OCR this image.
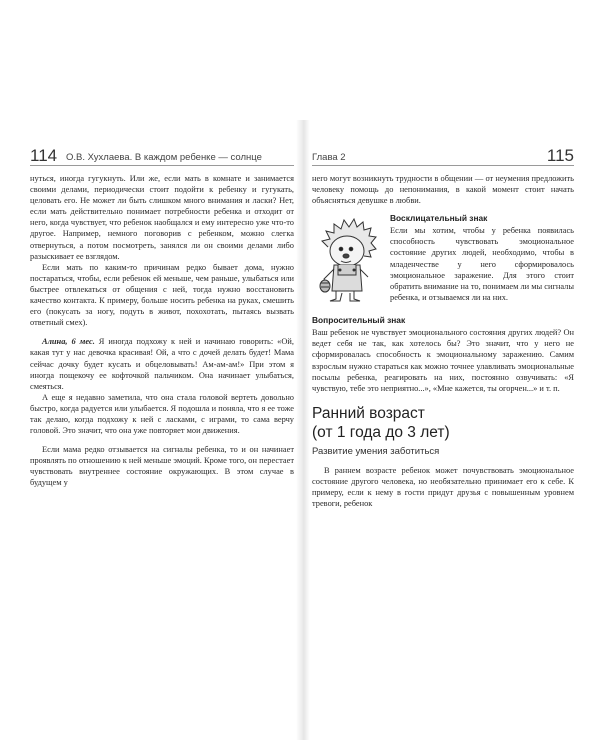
114 О.В. Хухлаева. В каждом ребенке — солнце

нуться, иногда гугукнуть. Или же, если мать в комнате и занимается своими делами, периодически стоит подойти к ребенку и гугукать, целовать его. Не может ли быть слишком много внимания и ласки? Нет, если мать действительно понимает потребности ребенка и отходит от него, когда чувствует, что ребенок наобщался и ему интересно уже что-то другое. Например, немного поговорив с ребенком, можно слегка отвернуться, а потом посмотреть, занялся ли он своими делами либо разыскивает ее взглядом.

Если мать по каким-то причинам редко бывает дома, нужно постараться, чтобы, если ребенок ей меньше, чем раньше, улыбаться или быстрее отвлекаться от общения с ней, тогда нужно восстановить качество контакта. К примеру, больше носить ребенка на руках, смешить его (покусать за ногу, подуть в живот, похохотать, пытаясь вызвать ответный смех).

Алина, 6 мес. Я иногда подхожу к ней и начинаю говорить: «Ой, какая тут у нас девочка красивая! Ой, а что с дочей делать будет! Мама сейчас дочку будет кусать и обцеловывать! Ам-ам-ам!» При этом я иногда пощекочу ее кофточкой пальчиком. Она начинает улыбаться, смеяться.

А еще я недавно заметила, что она стала головой вертеть довольно быстро, когда радуется или улыбается. Я подошла и поняла, что я ее тоже так делаю, когда подхожу к ней с ласками, с играми, то сама верчу головой. Это значит, что она уже повторяет мои движения.

Если мама редко отзывается на сигналы ребенка, то и он начинает проявлять по отношению к ней меньше эмоций. Кроме того, он перестает чувствовать внутреннее состояние окружающих. В этом случае в будущем у

Глава 2	115

него могут возникнуть трудности в общении — от неумения предложить человеку помощь до непонимания, в какой момент стоит начать объясняться девушке в любви.

Восклицательный знак

Если мы хотим, чтобы у ребенка появилась способность чувствовать эмоциональное состояние других людей, необходимо, чтобы в младенчестве у него сформировалось эмоциональное заражение. Для этого стоит обратить внимание на то, понимаем ли мы сигналы ребенка, и отзываемся ли на них.

Вопросительный знак

Ваш ребенок не чувствует эмоционального состояния других людей? Он ведет себя не так, как хотелось бы? Это значит, что у него не сформировалась способность к эмоциональному заражению. Самим взрослым нужно стараться как можно точнее улавливать эмоциональные посылы ребенка, реагировать на них, постоянно озвучивать: «Я чувствую, тебе это неприятно...», «Мне кажется, ты огорчен...» и т. п.

Ранний возраст
(от 1 года до 3 лет)
Развитие умения заботиться

В раннем возрасте ребенок может почувствовать эмоциональное состояние другого человека, но необязательно принимает его к себе. К примеру, если к нему в гости придут друзья с повышенным уровнем тревоги, ребенок
